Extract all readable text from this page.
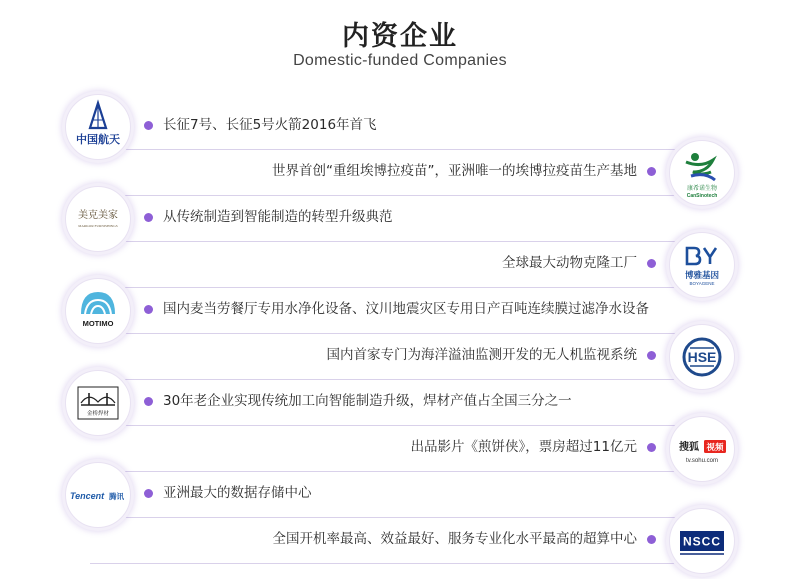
内资企业
Domestic-funded Companies
长征7号、长征5号火箭2016年首飞
世界首创“重组埃博拉疫苗”，亚洲唯一的埃博拉疫苗生产基地
从传统制造到智能制造的转型升级典范
全球最大动物克隆工厂
国内麦当劳餐厅专用水净化设备、汶川地震灾区专用日产百吨连续膜过滤净水设备
国内首家专门为海洋溢油监测开发的无人机监视系统
30年老企业实现传统加工向智能制造升级，焊材产值占全国三分之一
出品影片《煎饼侠》，票房超过11亿元
亚洲最大的数据存储中心
全国开机率最高、效益最好、服务专业化水平最高的超算中心
中国航天
康希诺生物
CanSinotech
美克美家
MARKOR FURNISHINGS
博雅基因
BOYAGENE
MOTIMO
HSE
金桥焊材
搜狐 视频
tv.sohu.com
Tencent 腾讯
NSCC
